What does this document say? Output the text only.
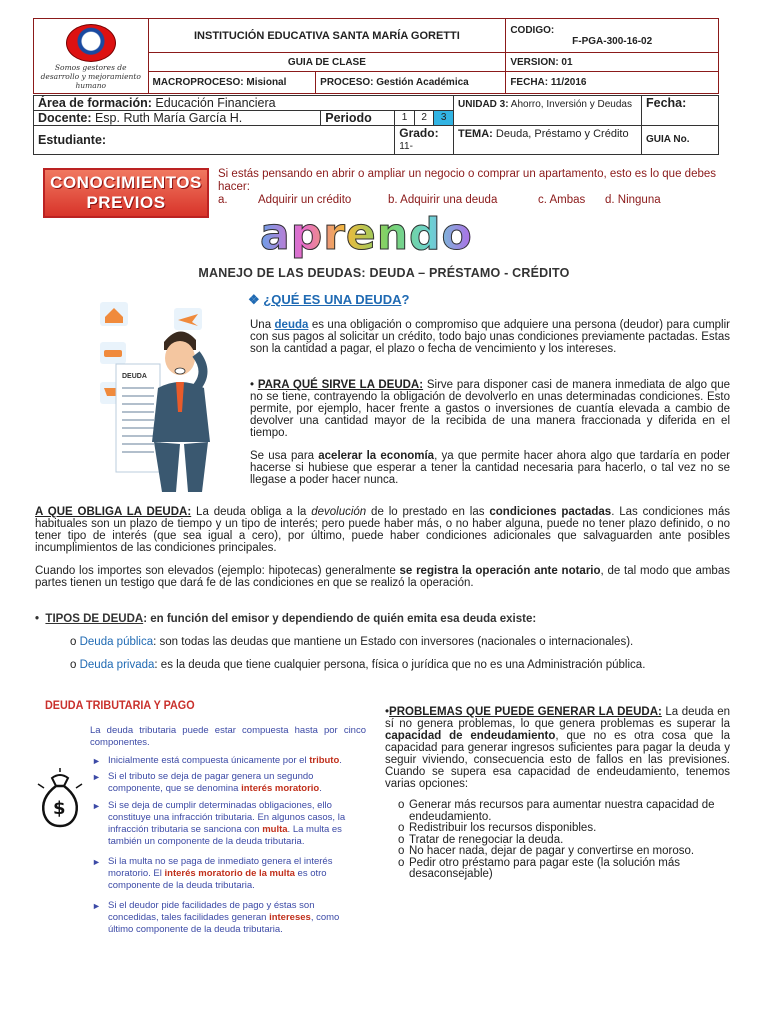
Somos gestores de desarrollo y mejoramiento humano	INSTITUCIÓN EDUCATIVA SANTA MARÍA GORETTI		CODIGO:
F-PGA-300-16-02

	GUIA DE CLASE		VERSION: 01
	MACROPROCESO: Misional	PROCESO: Gestión Académica	FECHA: 11/2016
Área de formación: Educación Financiera					UNIDAD 3: Ahorro, Inversión y Deudas	Fecha:
Docente: Esp. Ruth María García H.	Periodo	1	2	3		
Estudiante:		Grado:
11-			TEMA: Deuda, Préstamo y Crédito	GUIA No.
CONOCIMIENTOS
PREVIOS
Si estás pensando en abrir o ampliar un negocio o comprar un apartamento, esto es lo que debes hacer:
a.	Adquirir un crédito	b. Adquirir una deuda	c. Ambas	d. Ninguna
aprendo
MANEJO DE LAS DEUDAS: DEUDA – PRÉSTAMO - CRÉDITO
DEUDA
❖ ¿QUÉ ES UNA DEUDA?
Una deuda es una obligación o compromiso que adquiere una persona (deudor) para cumplir con sus pagos al solicitar un crédito, todo bajo unas condiciones previamente pactadas. Estas son la cantidad a pagar, el plazo o fecha de vencimiento y los intereses.
• PARA QUÉ SIRVE LA DEUDA: Sirve para disponer casi de manera inmediata de algo que no se tiene, contrayendo la obligación de devolverlo en unas determinadas condiciones. Esto permite, por ejemplo, hacer frente a gastos o inversiones de cuantía elevada a cambio de devolver una cantidad mayor de la recibida de una manera fraccionada y diferida en el tiempo.
Se usa para acelerar la economía, ya que permite hacer ahora algo que tardaría en poder hacerse si hubiese que esperar a tener la cantidad necesaria para hacerlo, o tal vez no se llegase a poder hacer nunca.
A QUE OBLIGA LA DEUDA: La deuda obliga a la devolución de lo prestado en las condiciones pactadas. Las condiciones más habituales son un plazo de tiempo y un tipo de interés; pero puede haber más, o no haber alguna, puede no tener plazo definido, o no tener tipo de interés (que sea igual a cero), por último, puede haber condiciones adicionales que salvaguarden ante posibles incumplimientos de las condiciones principales.
Cuando los importes son elevados (ejemplo: hipotecas) generalmente se registra la operación ante notario, de tal modo que ambas partes tienen un testigo que dará fe de las condiciones en que se realizó la operación.
•  TIPOS DE DEUDA: en función del emisor y dependiendo de quién emita esa deuda existe:
o Deuda pública: son todas las deudas que mantiene un Estado con inversores (nacionales o internacionales).
o Deuda privada: es la deuda que tiene cualquier persona, física o jurídica que no es una Administración pública.
DEUDA TRIBUTARIA Y PAGO
$
La deuda tributaria puede estar compuesta hasta por cinco componentes.
► Inicialmente está compuesta únicamente por el tributo.
► Si el tributo se deja de pagar genera un segundo componente, que se denomina interés moratorio.
► Si se deja de cumplir determinadas obligaciones, ello constituye una infracción tributaria. En algunos casos, la infracción tributaria se sanciona con multa. La multa es también un componente de la deuda tributaria.
► Si la multa no se paga de inmediato genera el interés moratorio. El interés moratorio de la multa es otro componente de la deuda tributaria.
► Si el deudor pide facilidades de pago y éstas son concedidas, tales facilidades generan intereses, como último componente de la deuda tributaria.
•PROBLEMAS QUE PUEDE GENERAR LA DEUDA: La deuda en sí no genera problemas, lo que genera problemas es superar la capacidad de endeudamiento, que no es otra cosa que la capacidad para generar ingresos suficientes para pagar la deuda y seguir viviendo, consecuencia esto de fallos en las previsiones. Cuando se supera esa capacidad de endeudamiento, tenemos varias opciones:
o Generar más recursos para aumentar nuestra capacidad de endeudamiento.
o Redistribuir los recursos disponibles.
o Tratar de renegociar la deuda.
o No hacer nada, dejar de pagar y convertirse en moroso.
o Pedir otro préstamo para pagar este (la solución más desaconsejable)
